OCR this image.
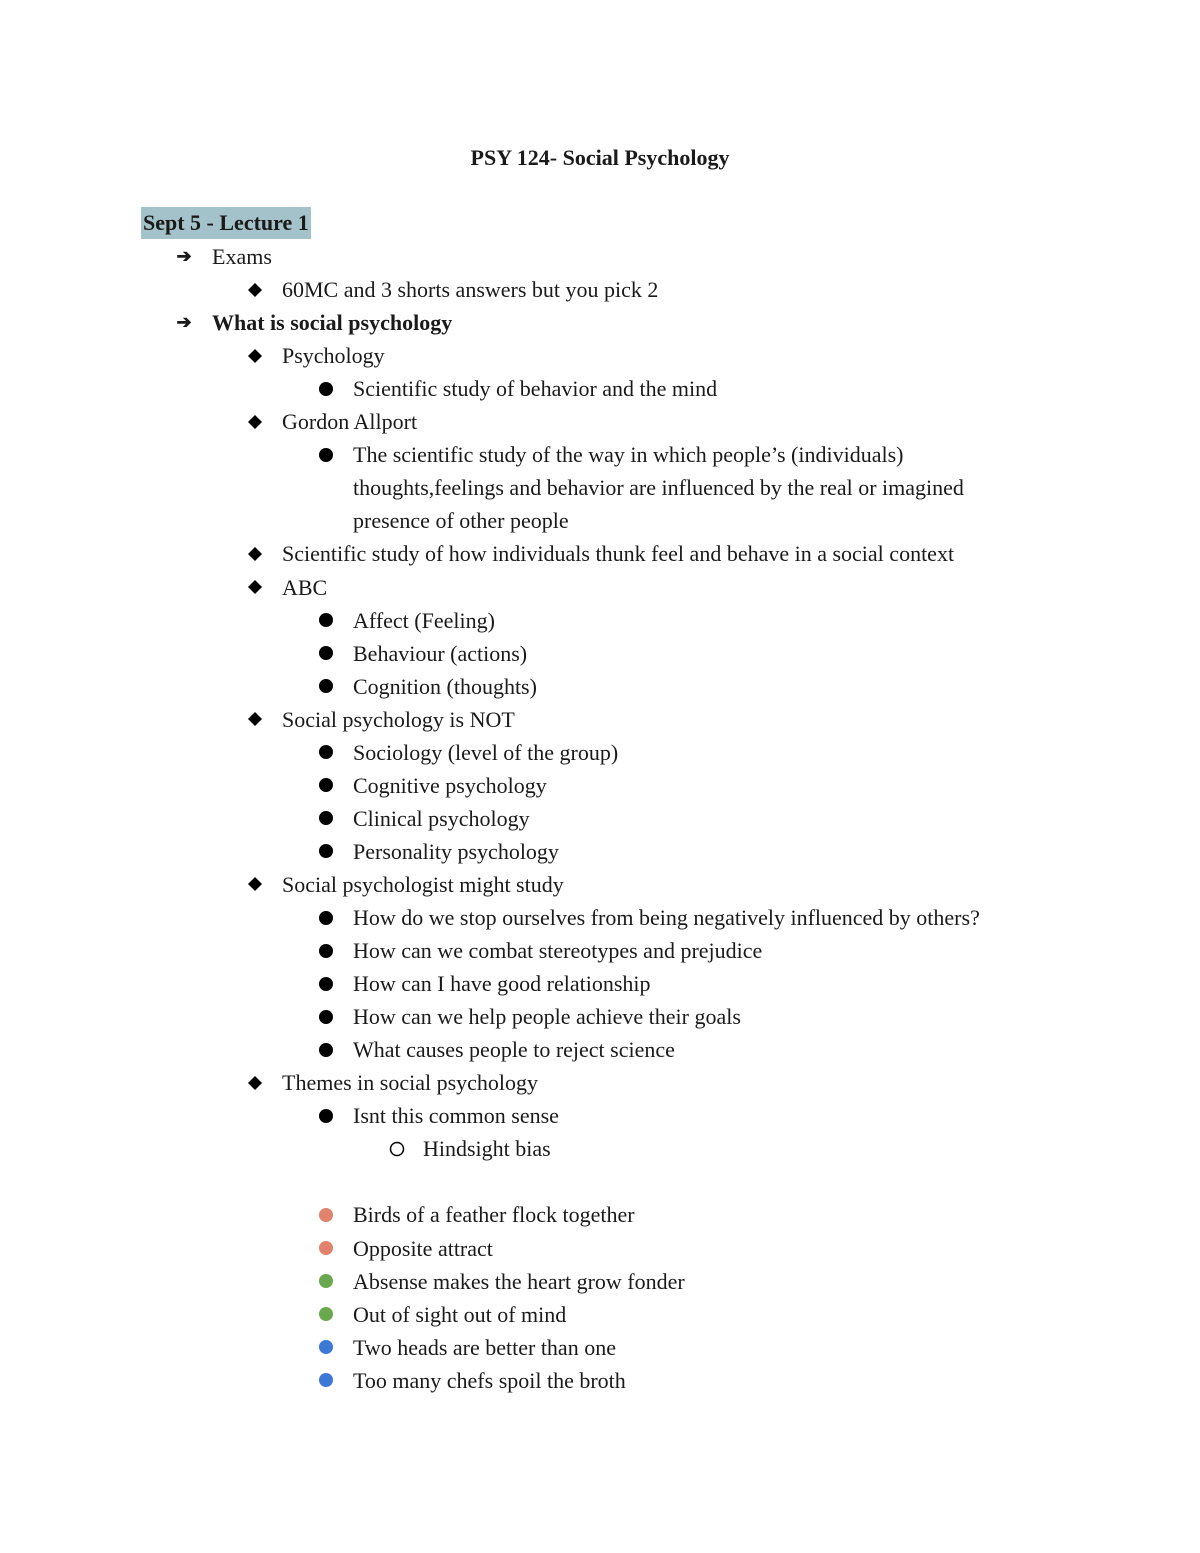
PSY 124- Social Psychology
Sept 5 - Lecture 1
➔ Exams
60MC and 3 shorts answers but you pick 2
➔ What is social psychology
Psychology
Scientific study of behavior and the mind
Gordon Allport
The scientific study of the way in which people’s (individuals)
thoughts,feelings and behavior are influenced by the real or imagined
presence of other people
Scientific study of how individuals thunk feel and behave in a social context
ABC
Affect (Feeling)
Behaviour (actions)
Cognition (thoughts)
Social psychology is NOT
Sociology (level of the group)
Cognitive psychology
Clinical psychology
Personality psychology
Social psychologist might study
How do we stop ourselves from being negatively influenced by others?
How can we combat stereotypes and prejudice
How can I have good relationship
How can we help people achieve their goals
What causes people to reject science
Themes in social psychology
Isnt this common sense
Hindsight bias
Birds of a feather flock together
Opposite attract
Absense makes the heart grow fonder
Out of sight out of mind
Two heads are better than one
Too many chefs spoil the broth
